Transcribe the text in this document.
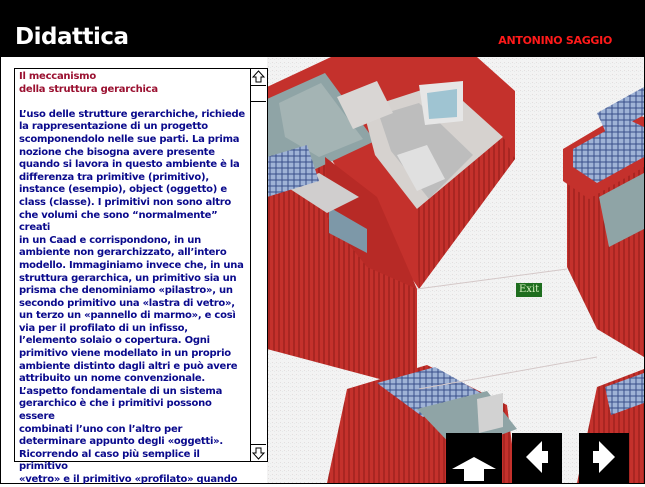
Didattica	ANTONINO SAGGIO
Il meccanismo
della struttura gerarchica
L’uso delle strutture gerarchiche, richiede
la rappresentazione di un progetto
scomponendolo nelle sue parti. La prima
nozione che bisogna avere presente
quando si lavora in questo ambiente è la
differenza tra primitive (primitivo),
instance (esempio), object (oggetto) e
class (classe). I primitivi non sono altro
che volumi che sono “normalmente” creati
in un Caad e corrispondono, in un
ambiente non gerarchizzato, all’intero
modello. Immaginiamo invece che, in una
struttura gerarchica, un primitivo sia un
prisma che denominiamo «pilastro», un
secondo primitivo una «lastra di vetro»,
un terzo un «pannello di marmo», e così
via per il profilato di un infisso,
l’elemento solaio o copertura. Ogni
primitivo viene modellato in un proprio
ambiente distinto dagli altri e può avere
attribuito un nome convenzionale.
L’aspetto fondamentale di un sistema
gerarchico è che i primitivi possono essere
combinati l’uno con l’altro per
determinare appunto degli «oggetti».
Ricorrendo al caso più semplice il primitivo
«vetro» e il primitivo «profilato» quando
Exit
